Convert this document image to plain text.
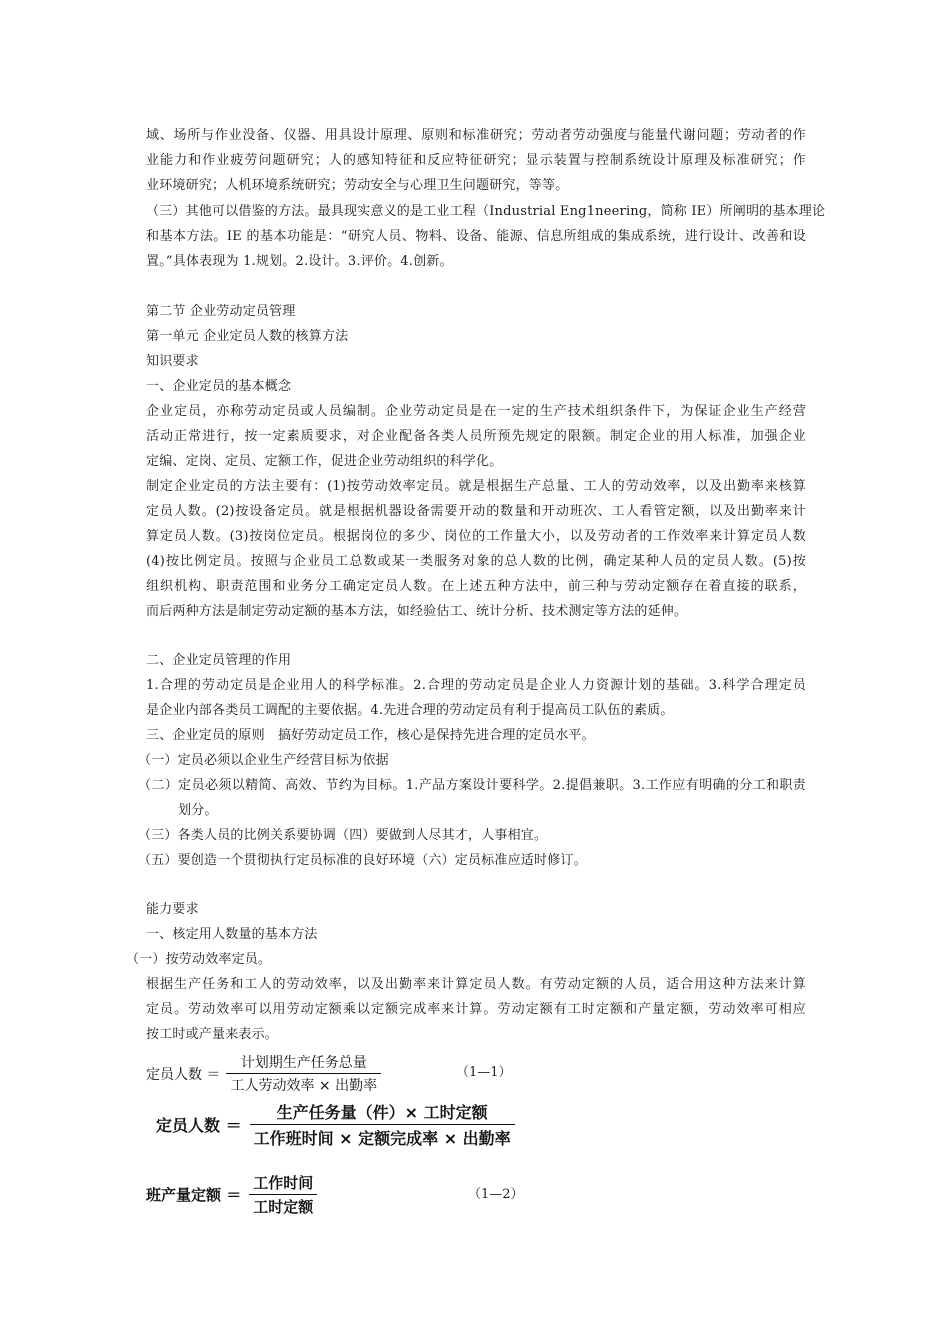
域、场所与作业没备、仪器、用具设计原理、原则和标准研究；劳动者劳动强度与能量代谢问题；劳动者的作
业能力和作业疲劳问题研究；人的感知特征和反应特征研究；显示装置与控制系统设计原理及标准研究；作
业环境研究；人机环境系统研究；劳动安全与心理卫生问题研究，等等。
（三）其他可以借鉴的方法。最具现实意义的是工业工程（Industrial Eng1neering，简称 IE）所阐明的基本理论
和基本方法。IE 的基本功能是：“研究人员、物料、设备、能源、信息所组成的集成系统，进行设计、改善和设
置。”具体表现为 1.规划。2.设计。3.评价。4.创新。
第二节 企业劳动定员管理
第一单元 企业定员人数的核算方法
知识要求
一、企业定员的基本概念
企业定员，亦称劳动定员或人员编制。企业劳动定员是在一定的生产技术组织条件下，为保证企业生产经营
活动正常进行，按一定素质要求，对企业配备各类人员所预先规定的限额。制定企业的用人标准，加强企业
定编、定岗、定员、定额工作，促进企业劳动组织的科学化。
制定企业定员的方法主要有：(1)按劳动效率定员。就是根据生产总量、工人的劳动效率，以及出勤率来核算
定员人数。(2)按设备定员。就是根据机器设备需要开动的数量和开动班次、工人看管定额，以及出勤率来计
算定员人数。(3)按岗位定员。根据岗位的多少、岗位的工作量大小，以及劳动者的工作效率来计算定员人数
(4)按比例定员。按照与企业员工总数或某一类服务对象的总人数的比例，确定某种人员的定员人数。(5)按
组织机构、职责范围和业务分工确定定员人数。在上述五种方法中，前三种与劳动定额存在着直接的联系，
而后两种方法是制定劳动定额的基本方法，如经验估工、统计分析、技术测定等方法的延伸。
二、企业定员管理的作用
1.合理的劳动定员是企业用人的科学标准。2.合理的劳动定员是企业人力资源计划的基础。3.科学合理定员
是企业内部各类员工调配的主要依据。4.先进合理的劳动定员有利于提高员工队伍的素质。
三、企业定员的原则　搞好劳动定员工作，核心是保持先进合理的定员水平。
（一）定员必须以企业生产经营目标为依据
（二）定员必须以精简、高效、节约为目标。1.产品方案设计要科学。2.提倡兼职。3.工作应有明确的分工和职责
划分。
（三）各类人员的比例关系要协调（四）要做到人尽其才，人事相宜。
（五）要创造一个贯彻执行定员标准的良好环境（六）定员标准应适时修订。
能力要求
一、核定用人数量的基本方法
（一）按劳动效率定员。
根据生产任务和工人的劳动效率，以及出勤率来计算定员人数。有劳动定额的人员，适合用这种方法来计算
定员。劳动效率可以用劳动定额乘以定额完成率来计算。劳动定额有工时定额和产量定额，劳动效率可相应
按工时或产量来表示。
定员人数 ＝ $\frac{\text{计划期生产任务总量}}{\text{工人劳动效率 × 出勤率}}$	（1—1）
定员人数 ＝ $\frac{\text{生产任务量（件）× 工时定额}}{\text{工作班时间 × 定额完成率 × 出勤率}}$
班产量定额 ＝ $\frac{\text{工作时间}}{\text{工时定额}}$	（1—2）
